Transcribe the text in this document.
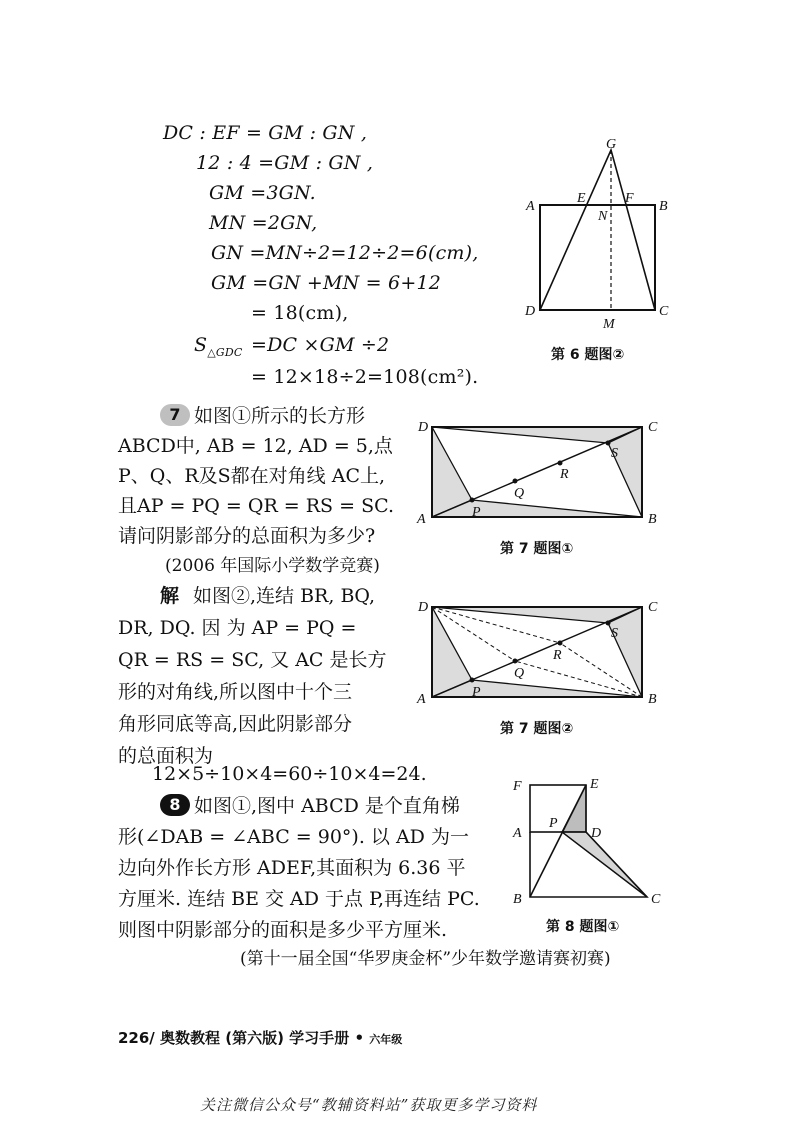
DC : EF = GM : GN ,
12 : 4 =GM : GN ,
GM =3GN.
MN =2GN,
GN =MN÷2=12÷2=6(cm),
GM =GN +MN = 6+12
= 18(cm),
$S_{\triangle GDC} =DC \times GM \div 2$
= 12×18÷2=108(cm²).
G
A
E
N
F
B
D
M
C
第 6 题图②
7 如图①所示的长方形
ABCD中, AB = 12, AD = 5,点
P、Q、R及S都在对角线 AC上,
且AP = PQ = QR = RS = SC.
请问阴影部分的总面积为多少?
(2006 年国际小学数学竞赛)
D	C
S
R
Q
A	P	B
第 7 题图①
解 如图②,连结 BR, BQ,
DR, DQ. 因 为 AP = PQ =
QR = RS = SC, 又 AC 是长方
形的对角线,所以图中十个三
角形同底等高,因此阴影部分
的总面积为
12×5÷10×4=60÷10×4=24.
D	C
S
R
Q
A	P	B
第 7 题图②
8 如图①,图中 ABCD 是个直角梯
形(∠DAB = ∠ABC = 90°). 以 AD 为一
边向外作长方形 ADEF,其面积为 6.36 平
方厘米. 连结 BE 交 AD 于点 P,再连结 PC.
则图中阴影部分的面积是多少平方厘米.
(第十一届全国“华罗庚金杯”少年数学邀请赛初赛)
F	E
A
P
D
B	C
第 8 题图①
226/ 奥数教程 (第六版) 学习手册 • 六年级
关注微信公众号“教辅资料站”获取更多学习资料
